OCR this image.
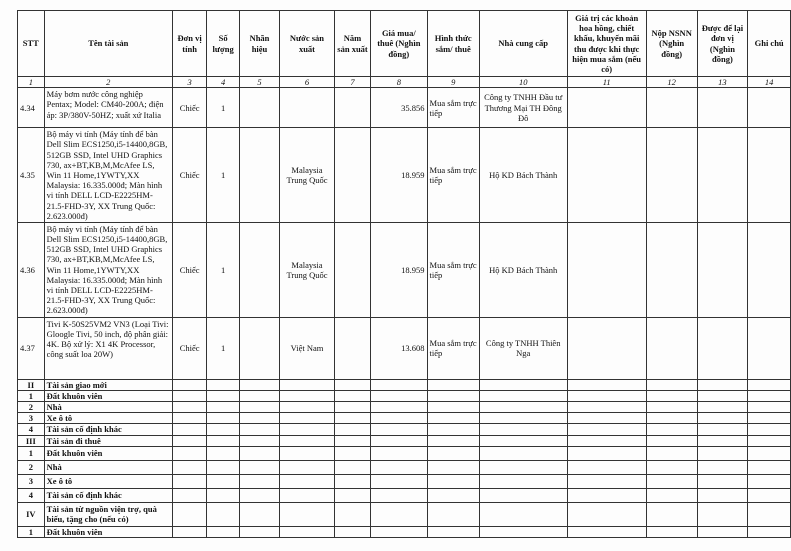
STT	Tên tài sản	Đơn vị tính	Số lượng	Nhãn hiệu	Nước sản xuất	Năm sản xuất	Giá mua/ thuê (Nghìn đồng)	Hình thức sắm/ thuê	Nhà cung cấp	Giá trị các khoản hoa hồng, chiết khấu, khuyến mãi thu được khi thực hiện mua sắm (nếu có)	Nộp NSNN (Nghìn đồng)	Được để lại đơn vị (Nghìn đồng)	Ghi chú
1	2	3	4	5	6	7	8	9	10	11	12	13	14
4.34	Máy bơm nước công nghiệp Pentax; Model: CM40-200A; điện áp: 3P/380V-50HZ; xuất xứ Italia	Chiếc	1				35.856	Mua sắm trực tiếp	Công ty TNHH Đầu tư Thương Mại TH Đông Đô				
4.35	Bộ máy vi tính (Máy tính để bàn Dell Slim ECS1250,i5-14400,8GB, 512GB SSD, Intel UHD Graphics 730, ax+BT,KB,M,McAfee LS, Win 11 Home,1YWTY,XX Malaysia: 16.335.000đ; Màn hình vi tính DELL LCD-E2225HM-21.5-FHD-3Y, XX Trung Quốc: 2.623.000đ)	Chiếc	1		Malaysia Trung Quốc		18.959	Mua sắm trực tiếp	Hộ KD Bách Thành				
4.36	Bộ máy vi tính (Máy tính để bàn Dell Slim ECS1250,i5-14400,8GB, 512GB SSD, Intel UHD Graphics 730, ax+BT,KB,M,McAfee LS, Win 11 Home,1YWTY,XX Malaysia: 16.335.000đ; Màn hình vi tính DELL LCD-E2225HM-21.5-FHD-3Y, XX Trung Quốc: 2.623.000đ)	Chiếc	1		Malaysia Trung Quốc		18.959	Mua sắm trực tiếp	Hộ KD Bách Thành				
4.37	Tivi K-50S25VM2 VN3 (Loại Tivi: Gloogle Tivi, 50 inch, độ phân giải: 4K. Bộ xử lý: X1 4K Processor, công suất loa 20W)	Chiếc	1		Việt Nam		13.608	Mua sắm trực tiếp	Công ty TNHH Thiên Nga				
II	Tài sản giao mới												
1	Đất khuôn viên												
2	Nhà												
3	Xe ô tô												
4	Tài sản cố định khác												
III	Tài sản đi thuê												
1	Đất khuôn viên												
2	Nhà												
3	Xe ô tô												
4	Tài sản cố định khác												
IV	Tài sản từ nguồn viện trợ, quà biếu, tặng cho (nếu có)												
1	Đất khuôn viên												
